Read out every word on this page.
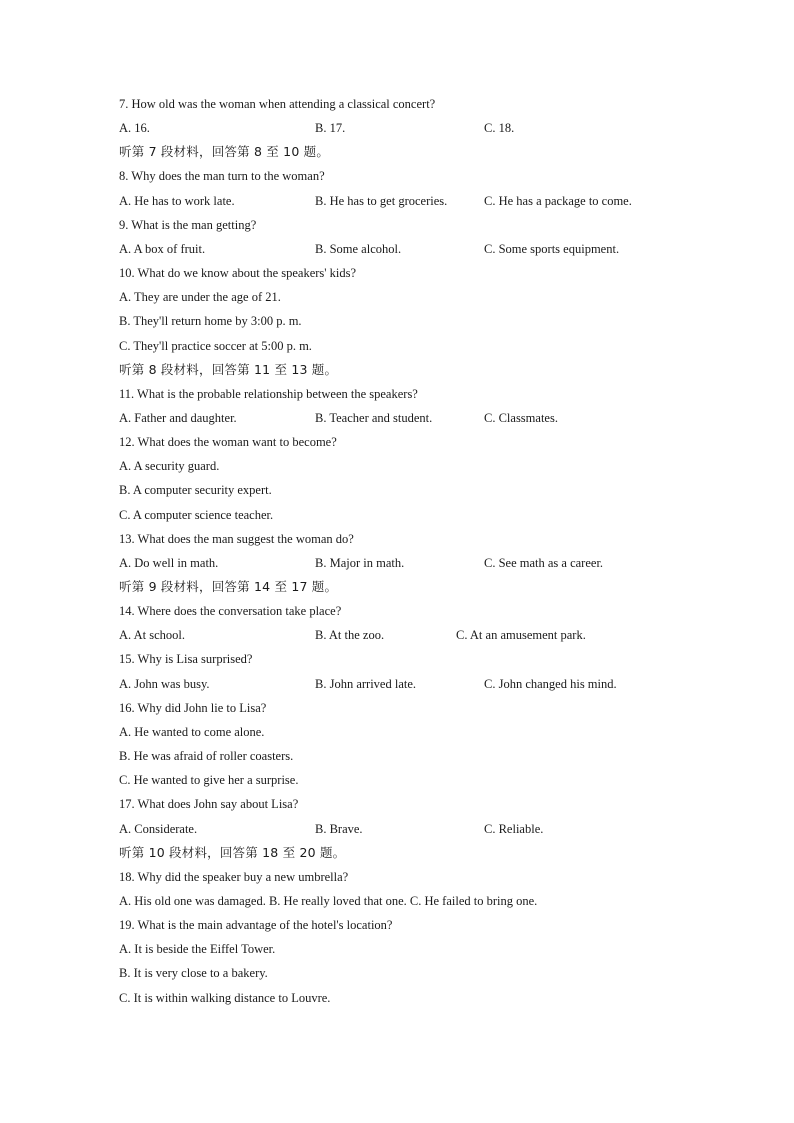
7. How old was the woman when attending a classical concert?
A. 16.	B. 17.	C. 18.
听第 7 段材料，回答第 8 至 10 题。
8. Why does the man turn to the woman?
A. He has to work late.	B. He has to get groceries.	C. He has a package to come.
9. What is the man getting?
A. A box of fruit.	B. Some alcohol.	C. Some sports equipment.
10. What do we know about the speakers' kids?
A. They are under the age of 21.
B. They'll return home by 3:00 p. m.
C. They'll practice soccer at 5:00 p. m.
听第 8 段材料，回答第 11 至 13 题。
11. What is the probable relationship between the speakers?
A. Father and daughter.	B. Teacher and student.	C. Classmates.
12. What does the woman want to become?
A. A security guard.
B. A computer security expert.
C. A computer science teacher.
13. What does the man suggest the woman do?
A. Do well in math.	B. Major in math.	C. See math as a career.
听第 9 段材料，回答第 14 至 17 题。
14. Where does the conversation take place?
A. At school.	B. At the zoo.	C. At an amusement park.
15. Why is Lisa surprised?
A. John was busy.	B. John arrived late.	C. John changed his mind.
16. Why did John lie to Lisa?
A. He wanted to come alone.
B. He was afraid of roller coasters.
C. He wanted to give her a surprise.
17. What does John say about Lisa?
A. Considerate.	B. Brave.	C. Reliable.
听第 10 段材料，回答第 18 至 20 题。
18. Why did the speaker buy a new umbrella?
A. His old one was damaged. B. He really loved that one. C. He failed to bring one.
19. What is the main advantage of the hotel's location?
A. It is beside the Eiffel Tower.
B. It is very close to a bakery.
C. It is within walking distance to Louvre.
